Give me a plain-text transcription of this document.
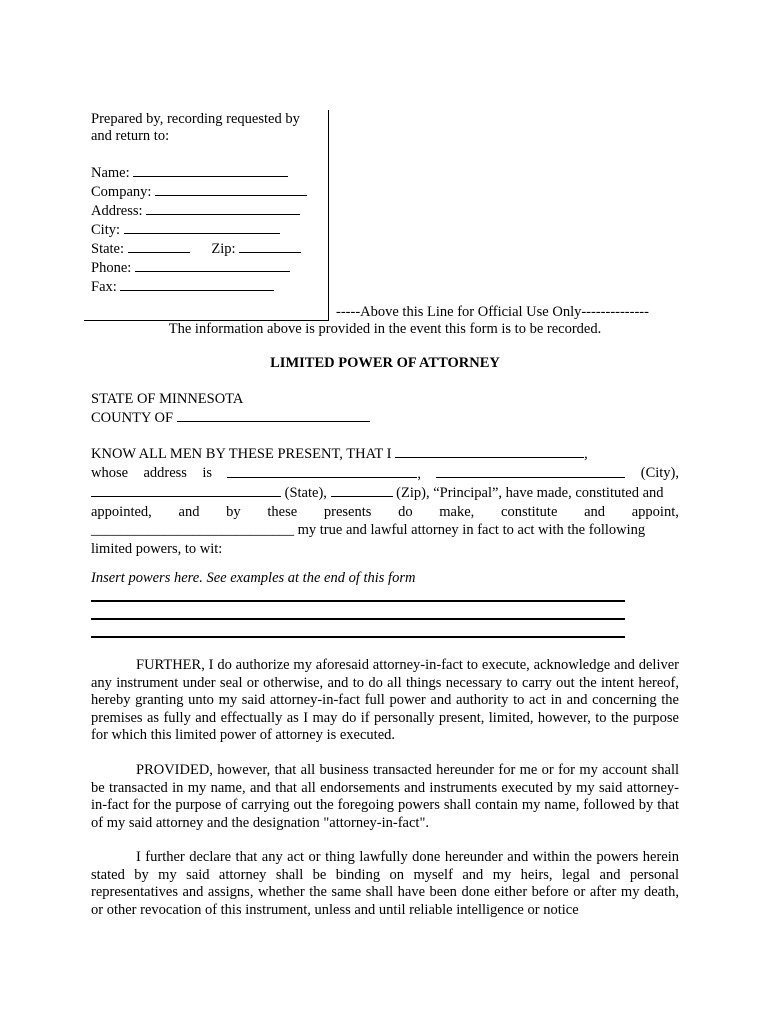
Prepared by, recording requested by and return to:
Name:
Company:
Address:
City:
State:	Zip:
Phone:
Fax:
-----Above this Line for Official Use Only--------------
The information above is provided in the event this form is to be recorded.
LIMITED POWER OF ATTORNEY
STATE OF MINNESOTA
COUNTY OF
KNOW ALL MEN BY THESE PRESENT, THAT I	,
whose address is	,	(City),
(State),	(Zip), “Principal”, have made, constituted and
appointed, and by these presents do make, constitute and appoint,
____________________________ my true and lawful attorney in fact to act with the following
limited powers, to wit:
Insert powers here. See examples at the end of this form

FURTHER, I do authorize my aforesaid attorney-in-fact to execute, acknowledge and deliver any instrument under seal or otherwise, and to do all things necessary to carry out the intent hereof, hereby granting unto my said attorney-in-fact full power and authority to act in and concerning the premises as fully and effectually as I may do if personally present, limited, however, to the purpose for which this limited power of attorney is executed.

PROVIDED, however, that all business transacted hereunder for me or for my account shall be transacted in my name, and that all endorsements and instruments executed by my said attorney-in-fact for the purpose of carrying out the foregoing powers shall contain my name, followed by that of my said attorney and the designation "attorney-in-fact".

I further declare that any act or thing lawfully done hereunder and within the powers herein stated by my said attorney shall be binding on myself and my heirs, legal and personal representatives and assigns, whether the same shall have been done either before or after my death, or other revocation of this instrument, unless and until reliable intelligence or notice
